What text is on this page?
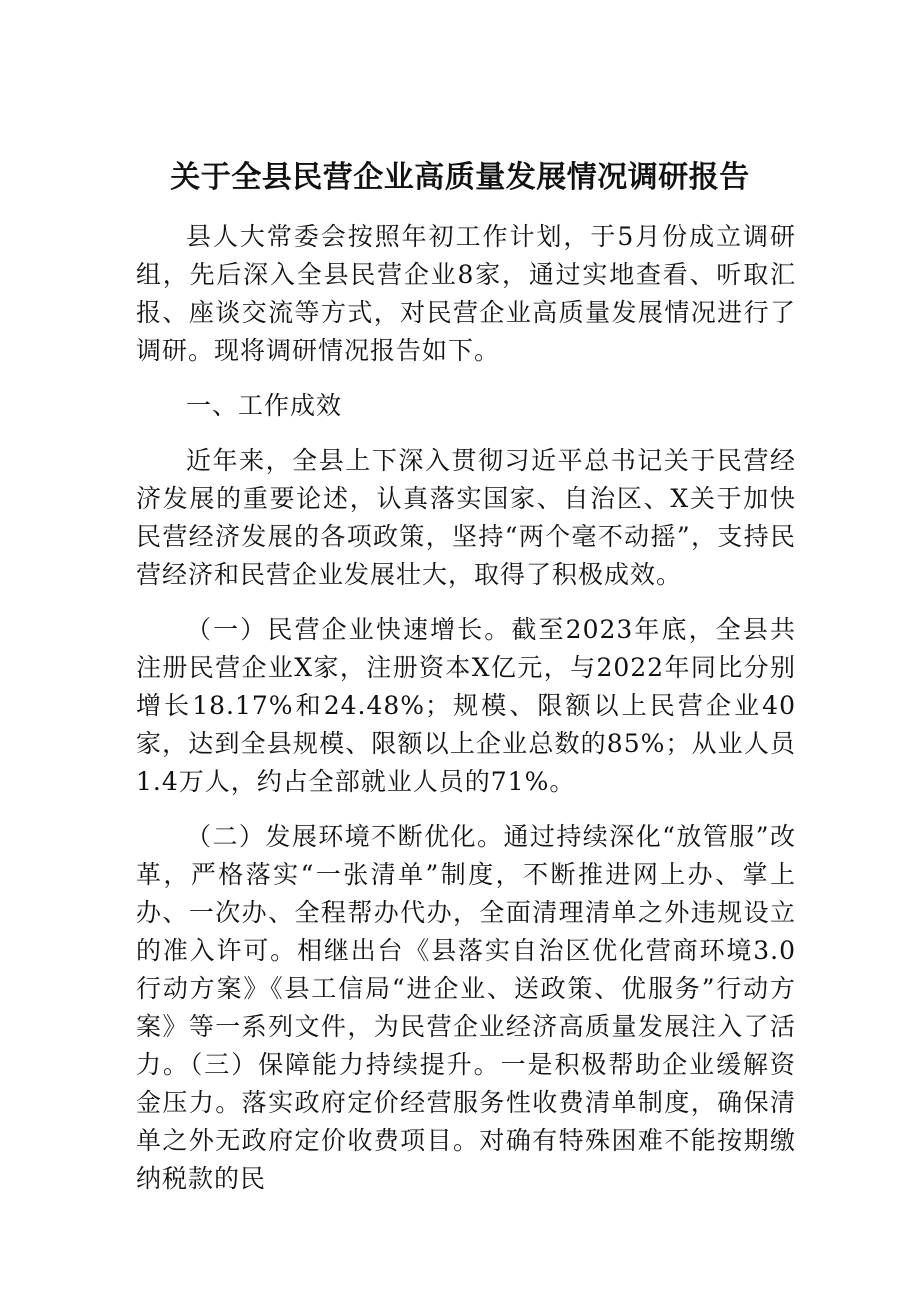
关于全县民营企业高质量发展情况调研报告

县人大常委会按照年初工作计划，于5月份成立调研组，先后深入全县民营企业8家，通过实地查看、听取汇报、座谈交流等方式，对民营企业高质量发展情况进行了调研。现将调研情况报告如下。

一、工作成效

近年来，全县上下深入贯彻习近平总书记关于民营经济发展的重要论述，认真落实国家、自治区、X关于加快民营经济发展的各项政策，坚持“两个毫不动摇”，支持民营经济和民营企业发展壮大，取得了积极成效。

（一）民营企业快速增长。截至2023年底，全县共注册民营企业X家，注册资本X亿元，与2022年同比分别增长18.17%和24.48%；规模、限额以上民营企业40家，达到全县规模、限额以上企业总数的85%；从业人员1.4万人，约占全部就业人员的71%。

（二）发展环境不断优化。通过持续深化“放管服”改革，严格落实“一张清单”制度，不断推进网上办、掌上办、一次办、全程帮办代办，全面清理清单之外违规设立的准入许可。相继出台《县落实自治区优化营商环境3.0行动方案》《县工信局“进企业、送政策、优服务”行动方案》等一系列文件，为民营企业经济高质量发展注入了活力。（三）保障能力持续提升。一是积极帮助企业缓解资金压力。落实政府定价经营服务性收费清单制度，确保清单之外无政府定价收费项目。对确有特殊困难不能按期缴纳税款的民
